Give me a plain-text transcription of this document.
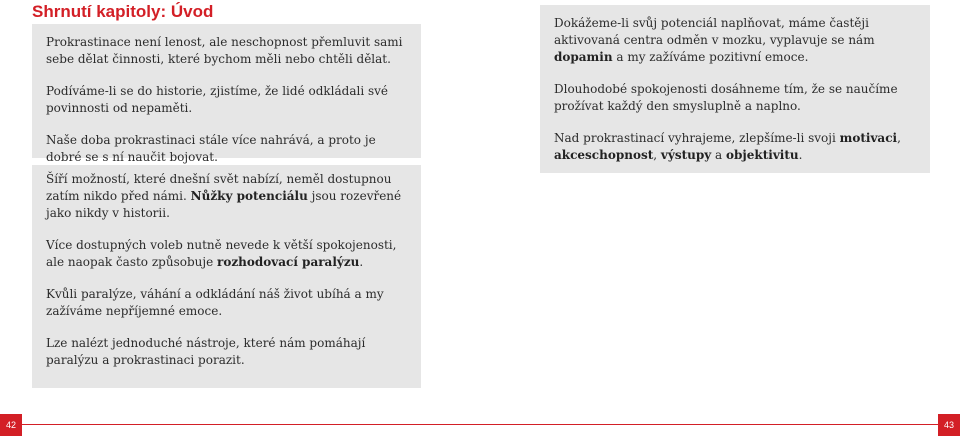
Shrnutí kapitoly: Úvod

Prokrastinace není lenost, ale neschopnost přemluvit sami sebe dělat činnosti, které bychom měli nebo chtěli dělat.

Podíváme-li se do historie, zjistíme, že lidé odkládali své povinnosti od nepaměti.

Naše doba prokrastinaci stále více nahrává, a proto je dobré se s ní naučit bojovat.

Šíří možností, které dnešní svět nabízí, neměl dostupnou zatím nikdo před námi. Nůžky potenciálu jsou rozevřené jako nikdy v historii.

Více dostupných voleb nutně nevede k větší spokojenosti, ale naopak často způsobuje rozhodovací paralýzu.

Kvůli paralýze, váhání a odkládání náš život ubíhá a my zažíváme nepříjemné emoce.

Lze nalézt jednoduché nástroje, které nám pomáhají paralýzu a prokrastinaci porazit.

Dokážeme-li svůj potenciál naplňovat, máme častěji aktivovaná centra odměn v mozku, vyplavuje se nám dopamin a my zažíváme pozitivní emoce.

Dlouhodobé spokojenosti dosáhneme tím, že se naučíme prožívat každý den smysluplně a naplno.

Nad prokrastinací vyhrajeme, zlepšíme-li svoji motivaci, akceschopnost, výstupy a objektivitu.

42	43
